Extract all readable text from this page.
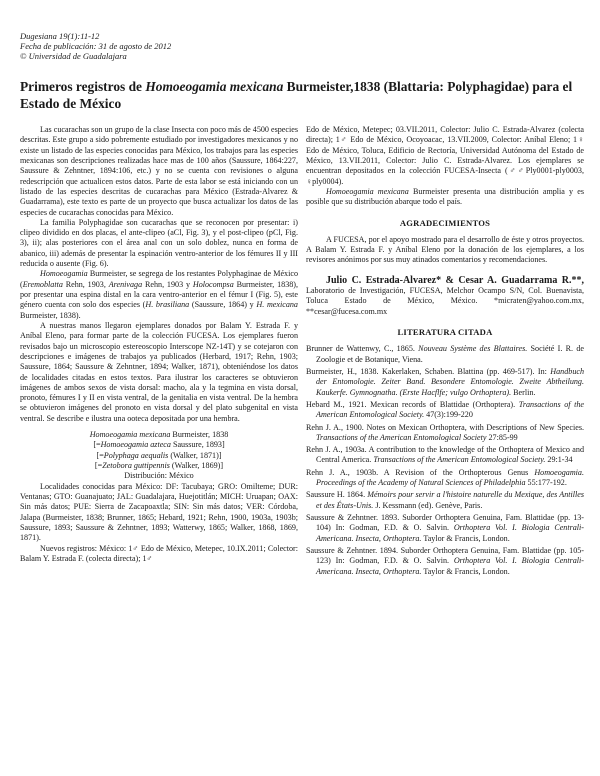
Dugesiana 19(1):11-12
Fecha de publicación: 31 de agosto de 2012
© Universidad de Guadalajara
Primeros registros de Homoeogamia mexicana Burmeister,1838 (Blattaria: Polyphagidae) para el Estado de México

Las cucarachas son un grupo de la clase Insecta con poco más de 4500 especies descritas. Este grupo a sido pobremente estudiado por investigadores mexicanos y no existe un listado de las especies conocidas para México, los trabajos para las especies mexicanas son descripciones realizadas hace mas de 100 años (Saussure, 1864:227, Saussure & Zehntner, 1894:106, etc.) y no se cuenta con revisiones o alguna redescripción que actualicen estos datos. Parte de esta labor se está iniciando con un listado de las especies descritas de cucarachas para México (Estrada-Alvarez & Guadarrama), este texto es parte de un proyecto que busca actualizar los datos de las especies de cucarachas conocidas para México.

La familia Polyphagidae son cucarachas que se reconocen por presentar: i) clipeo dividido en dos placas, el ante-clipeo (aCl, Fig. 3), y el post-clipeo (pCl, Fig. 3), ii); alas posteriores con el área anal con un solo doblez, nunca en forma de abanico, iii) además de presentar la espinación ventro-anterior de los fémures II y III reducida o ausente (Fig. 6).

Homoeogamia Burmeister, se segrega de los restantes Polyphaginae de México (Eremoblatta Rehn, 1903, Arenivaga Rehn, 1903 y Holocompsa Burmeister, 1838), por presentar una espina distal en la cara ventro-anterior en el fémur I (Fig. 5), este género cuenta con solo dos especies (H. brasiliana (Saussure, 1864) y H. mexicana Burmeister, 1838).

A nuestras manos llegaron ejemplares donados por Balam Y. Estrada F. y Aníbal Eleno, para formar parte de la colección FUCESA. Los ejemplares fueron revisados bajo un microscopio estereoscopio Interscope NZ-14T) y se cotejaron con descripciones e imágenes de trabajos ya publicados (Herbard, 1917; Rehn, 1903; Saussure, 1864; Saussure & Zehntner, 1894; Walker, 1871), obteniéndose los datos de localidades citadas en estos textos. Para ilustrar los caracteres se obtuvieron imágenes de ambos sexos de vista dorsal: macho, ala y la tegmina en vista dorsal, pronoto, fémures I y II en vista ventral, de la genitalia en vista ventral. De la hembra se obtuvieron imágenes del pronoto en vista dorsal y del plato subgenital en vista ventral. Se describe e ilustra una ooteca depositada por una hembra.

Homoeogamia mexicana Burmeister, 1838

[=Homoeogamia azteca Saussure, 1893]

[=Polyphaga aequalis (Walker, 1871)]

[=Zetobora guttipennis (Walker, 1869)]

Distribución: México

Localidades conocidas para México: DF: Tacubaya; GRO: Omilteme; DUR: Ventanas; GTO: Guanajuato; JAL: Guadalajara, Huejotitlán; MICH: Uruapan; OAX: Sin más datos; PUE: Sierra de Zacapoaxtla; SIN: Sin más datos; VER: Córdoba, Jalapa (Burmeister, 1838; Brunner, 1865; Hebard, 1921; Rehn, 1900, 1903a, 1903b; Saussure, 1893; Saussure & Zehntner, 1893; Watterwy, 1865; Walker, 1868, 1869, 1871).

Nuevos registros: México: 1♂ Edo de México, Metepec, 10.IX.2011; Colector: Balam Y. Estrada F. (colecta directa); 1♂

Edo de México, Metepec; 03.VII.2011, Colector: Julio C. Estrada-Alvarez (colecta directa); 1♂ Edo de México, Ocoyoacac, 13.VII.2009, Colector: Aníbal Eleno; 1♀ Edo de México, Toluca, Edificio de Rectoría, Universidad Autónoma del Estado de México, 13.VII.2011, Colector: Julio C. Estrada-Alvarez. Los ejemplares se encuentran depositados en la colección FUCESA-Insecta (♂♂Ply0001-ply0003, ♀ply0004).

Homoeogamia mexicana Burmeister presenta una distribución amplia y es posible que su distribución abarque todo el país.

AGRADECIMIENTOS

A FUCESA, por el apoyo mostrado para el desarrollo de éste y otros proyectos. A Balam Y. Estrada F. y Aníbal Eleno por la donación de los ejemplares, a los revisores anónimos por sus muy atinados comentarios y recomendaciones.

Julio C. Estrada-Alvarez* & Cesar A. Guadarrama R.**, Laboratorio de Investigación, FUCESA, Melchor Ocampo S/N, Col. Buenavista, Toluca Estado de México, México. *micraten@yahoo.com.mx, **cesar@fucesa.com.mx

LITERATURA CITADA

Brunner de Wattenwy, C., 1865. Nouveau Système des Blattaires. Société I. R. de Zoologie et de Botanique, Viena.

Burmeister, H., 1838. Kakerlaken, Schaben. Blattina (pp. 469-517). In: Handbuch der Entomologie. Zeiter Band. Besondere Entomologie. Zweite Abtheilung. Kaukerfe. Gymnognatha. (Erste Hacflfe; vulgo Orthoptera). Berlin.

Hebard M., 1921. Mexican records of Blattidae (Orthoptera). Transactions of the American Entomological Society. 47(3):199-220

Rehn J. A., 1900. Notes on Mexican Orthoptera, with Descriptions of New Species. Transactions of the American Entomological Society 27:85-99

Rehn J. A., 1903a. A contribution to the knowledge of the Orthoptera of Mexico and Central America. Transactions of the American Entomological Society. 29:1-34

Rehn J. A., 1903b. A Revision of the Orthopterous Genus Homoeogamia. Proceedings of the Academy of Natural Sciences of Philadelphia 55:177-192.

Saussure H. 1864. Mémoirs pour servir a l'histoire naturelle du Mexique, des Antilles et des États-Unis. J. Kessmann (ed). Genève, Paris.

Saussure & Zehntner. 1893. Suborder Orthoptera Genuina, Fam. Blattidae (pp. 13-104) In: Godman, F.D. & O. Salvin. Orthoptera Vol. I. Biologia Centrali-Americana. Insecta, Orthoptera. Taylor & Francis, London.

Saussure & Zehntner. 1894. Suborder Orthoptera Genuina, Fam. Blattidae (pp. 105-123) In: Godman, F.D. & O. Salvin. Orthoptera Vol. I. Biologia Centrali-Americana. Insecta, Orthoptera. Taylor & Francis, London.
